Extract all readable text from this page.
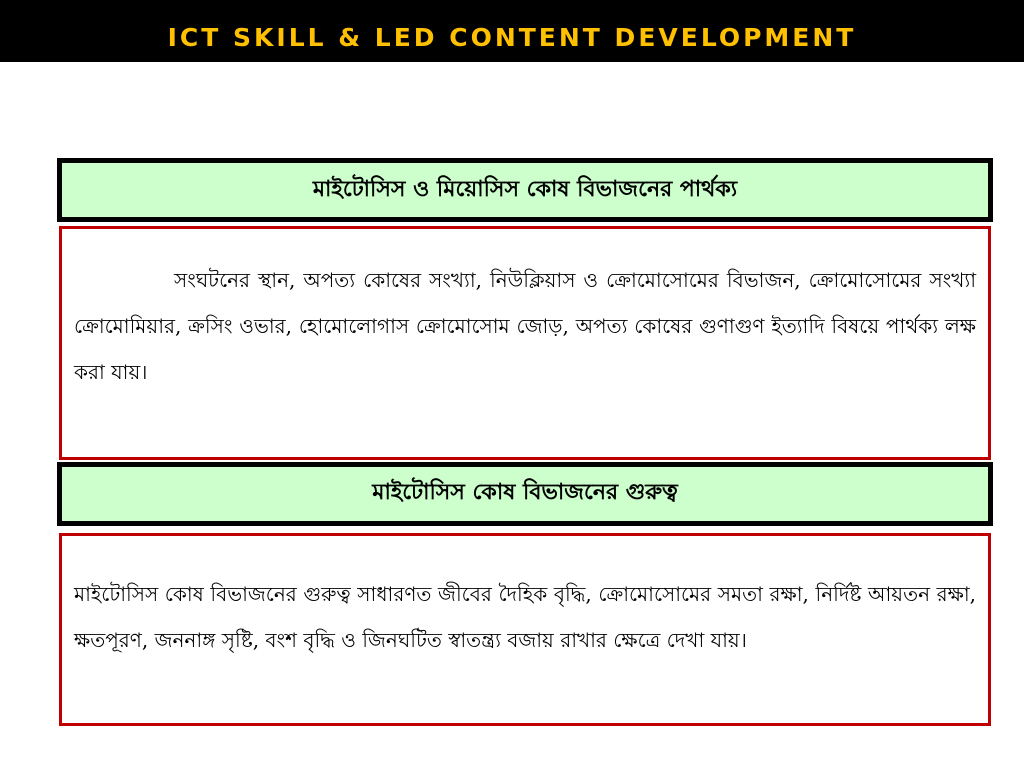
ICT SKILL & LED CONTENT DEVELOPMENT
মাইটোসিস ও মিয়োসিস কোষ বিভাজনের পার্থক্য

সংঘটনের স্থান, অপত্য কোষের সংখ্যা, নিউক্লিয়াস ও ক্রোমোসোমের বিভাজন, ক্রোমোসোমের সংখ্যা ক্রোমোমিয়ার, ক্রসিং ওভার, হোমোলোগাস ক্রোমোসোম জোড়, অপত্য কোষের গুণাগুণ ইত্যাদি বিষয়ে পার্থক্য লক্ষ করা যায়।

মাইটোসিস কোষ বিভাজনের গুরুত্ব

মাইটোসিস কোষ বিভাজনের গুরুত্ব সাধারণত জীবের দৈহিক বৃদ্ধি, ক্রোমোসোমের সমতা রক্ষা, নির্দিষ্ট আয়তন রক্ষা, ক্ষতপূরণ, জননাঙ্গ সৃষ্টি, বংশ বৃদ্ধি ও জিনঘটিত স্বাতন্ত্র্য বজায় রাখার ক্ষেত্রে দেখা যায়।
